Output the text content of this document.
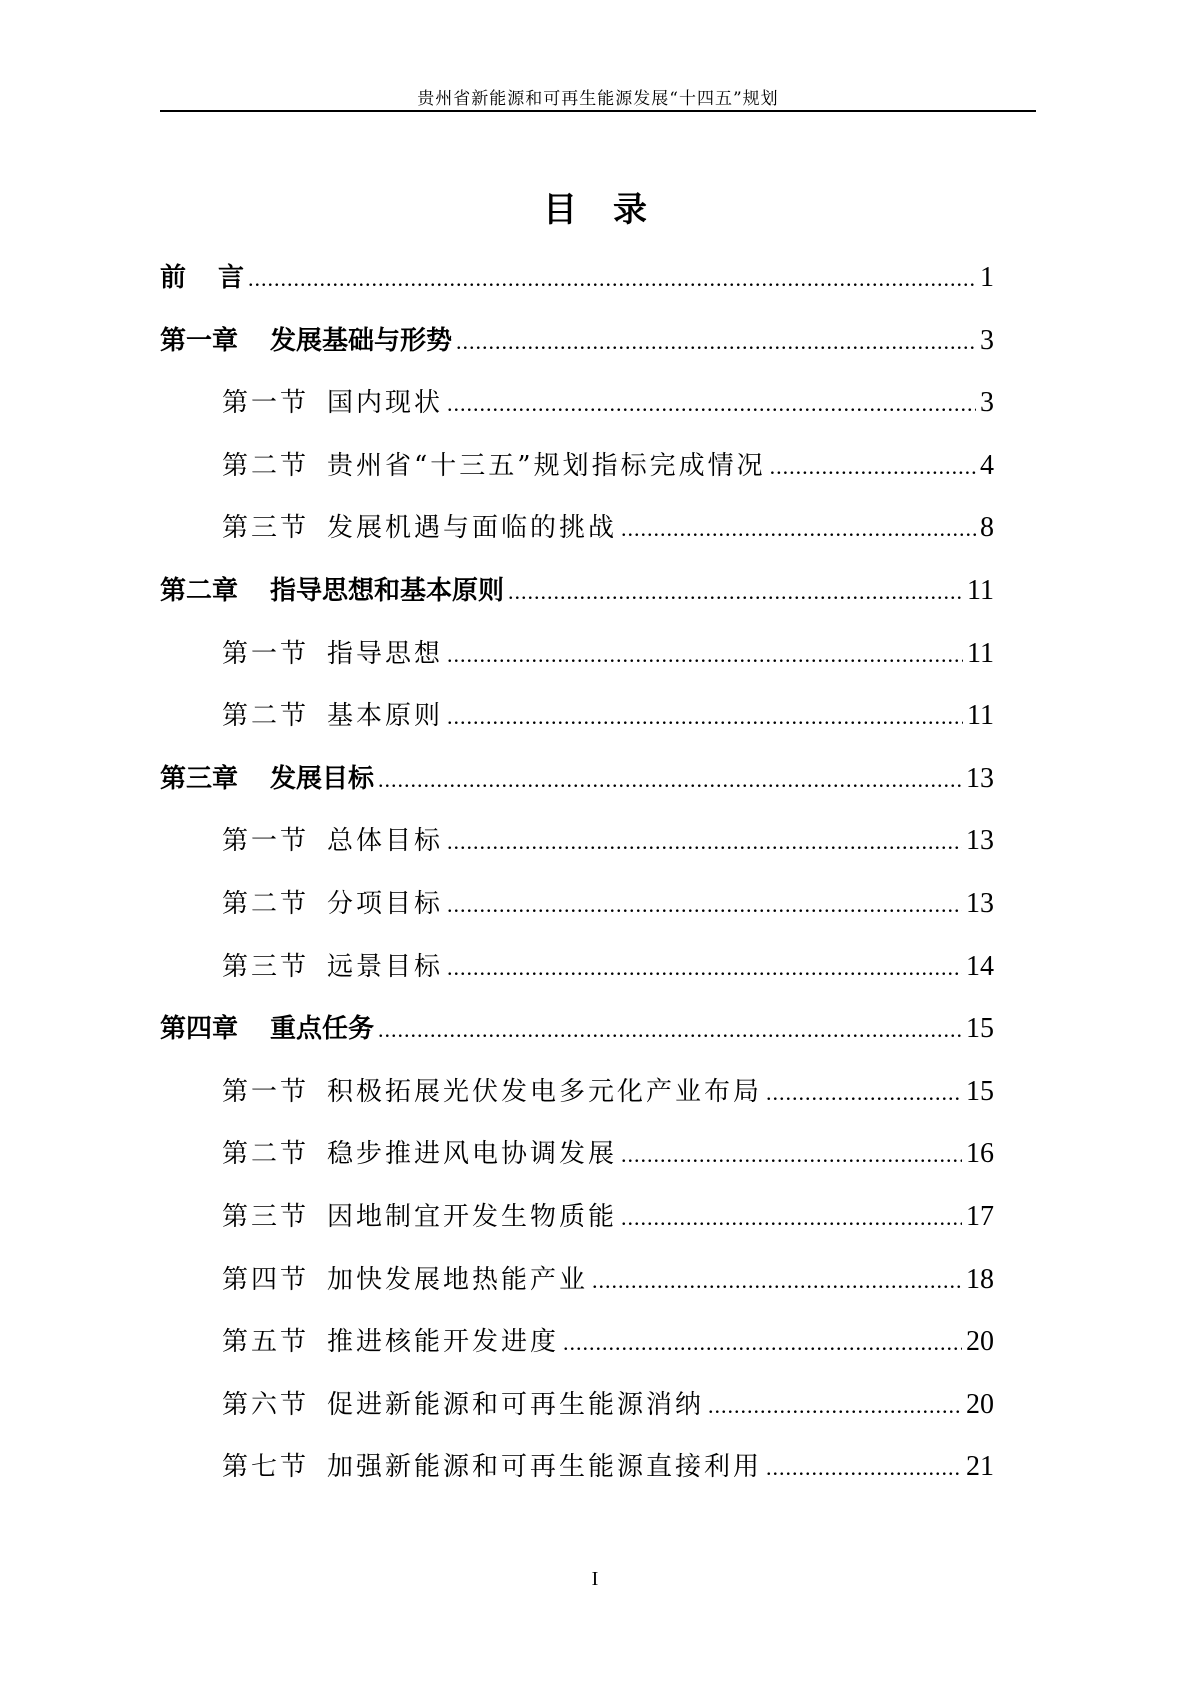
贵州省新能源和可再生能源发展“十四五”规划
目录
前 言 .....	1
第一章 发展基础与形势 .....	3
第一节 国内现状 .....	3
第二节 贵州省“十三五”规划指标完成情况 .....	4
第三节 发展机遇与面临的挑战 .....	8
第二章 指导思想和基本原则 .....	11
第一节 指导思想 .....	11
第二节 基本原则 .....	11
第三章 发展目标 .....	13
第一节 总体目标 .....	13
第二节 分项目标 .....	13
第三节 远景目标 .....	14
第四章 重点任务 .....	15
第一节 积极拓展光伏发电多元化产业布局 .....	15
第二节 稳步推进风电协调发展 .....	16
第三节 因地制宜开发生物质能 .....	17
第四节 加快发展地热能产业 .....	18
第五节 推进核能开发进度 .....	20
第六节 促进新能源和可再生能源消纳 .....	20
第七节 加强新能源和可再生能源直接利用 .....	21
I
